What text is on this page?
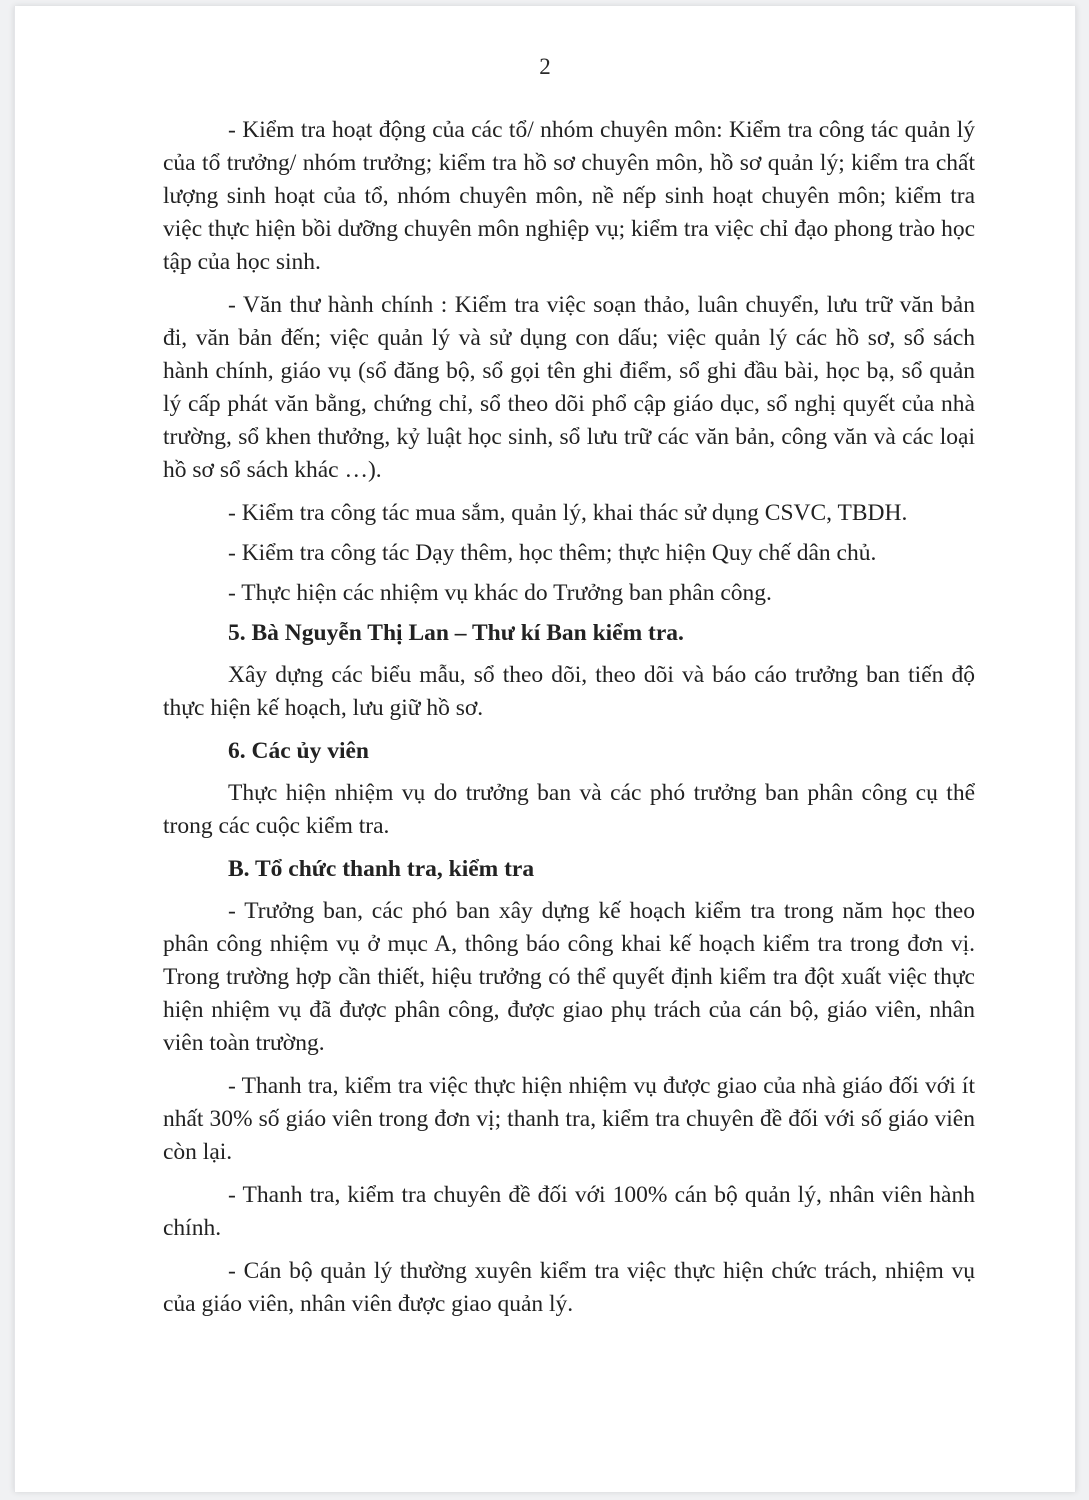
2

- Kiểm tra hoạt động của các tổ/ nhóm chuyên môn: Kiểm tra công tác quản lý của tổ trưởng/ nhóm trưởng; kiểm tra hồ sơ chuyên môn, hồ sơ quản lý; kiểm tra chất lượng sinh hoạt của tổ, nhóm chuyên môn, nề nếp sinh hoạt chuyên môn; kiểm tra việc thực hiện bồi dưỡng chuyên môn nghiệp vụ; kiểm tra việc chỉ đạo phong trào học tập của học sinh.

- Văn thư hành chính : Kiểm tra việc soạn thảo, luân chuyển, lưu trữ văn bản đi, văn bản đến; việc quản lý và sử dụng con dấu; việc quản lý các hồ sơ, sổ sách hành chính, giáo vụ (sổ đăng bộ, sổ gọi tên ghi điểm, sổ ghi đầu bài, học bạ, sổ quản lý cấp phát văn bằng, chứng chỉ, sổ theo dõi phổ cập giáo dục, sổ nghị quyết của nhà trường, sổ khen thưởng, kỷ luật học sinh, sổ lưu trữ các văn bản, công văn và các loại hồ sơ sổ sách khác …).

- Kiểm tra công tác mua sắm, quản lý, khai thác sử dụng CSVC, TBDH.

- Kiểm tra công tác Dạy thêm, học thêm; thực hiện Quy chế dân chủ.

- Thực hiện các nhiệm vụ khác do Trưởng ban phân công.

5. Bà Nguyễn Thị Lan – Thư kí Ban kiểm tra.

Xây dựng các biểu mẫu, sổ theo dõi, theo dõi và báo cáo trưởng ban tiến độ thực hiện kế hoạch, lưu giữ hồ sơ.

6. Các ủy viên

Thực hiện nhiệm vụ do trưởng ban và các phó trưởng ban phân công cụ thể trong các cuộc kiểm tra.

B. Tổ chức thanh tra, kiểm tra

- Trưởng ban, các phó ban xây dựng kế hoạch kiểm tra trong năm học theo phân công nhiệm vụ ở mục A, thông báo công khai kế hoạch kiểm tra trong đơn vị. Trong trường hợp cần thiết, hiệu trưởng có thể quyết định kiểm tra đột xuất việc thực hiện nhiệm vụ đã được phân công, được giao phụ trách của cán bộ, giáo viên, nhân viên toàn trường.

- Thanh tra, kiểm tra việc thực hiện nhiệm vụ được giao của nhà giáo đối với ít nhất 30% số giáo viên trong đơn vị; thanh tra, kiểm tra chuyên đề đối với số giáo viên còn lại.

- Thanh tra, kiểm tra chuyên đề đối với 100% cán bộ quản lý, nhân viên hành chính.

- Cán bộ quản lý thường xuyên kiểm tra việc thực hiện chức trách, nhiệm vụ của giáo viên, nhân viên được giao quản lý.
